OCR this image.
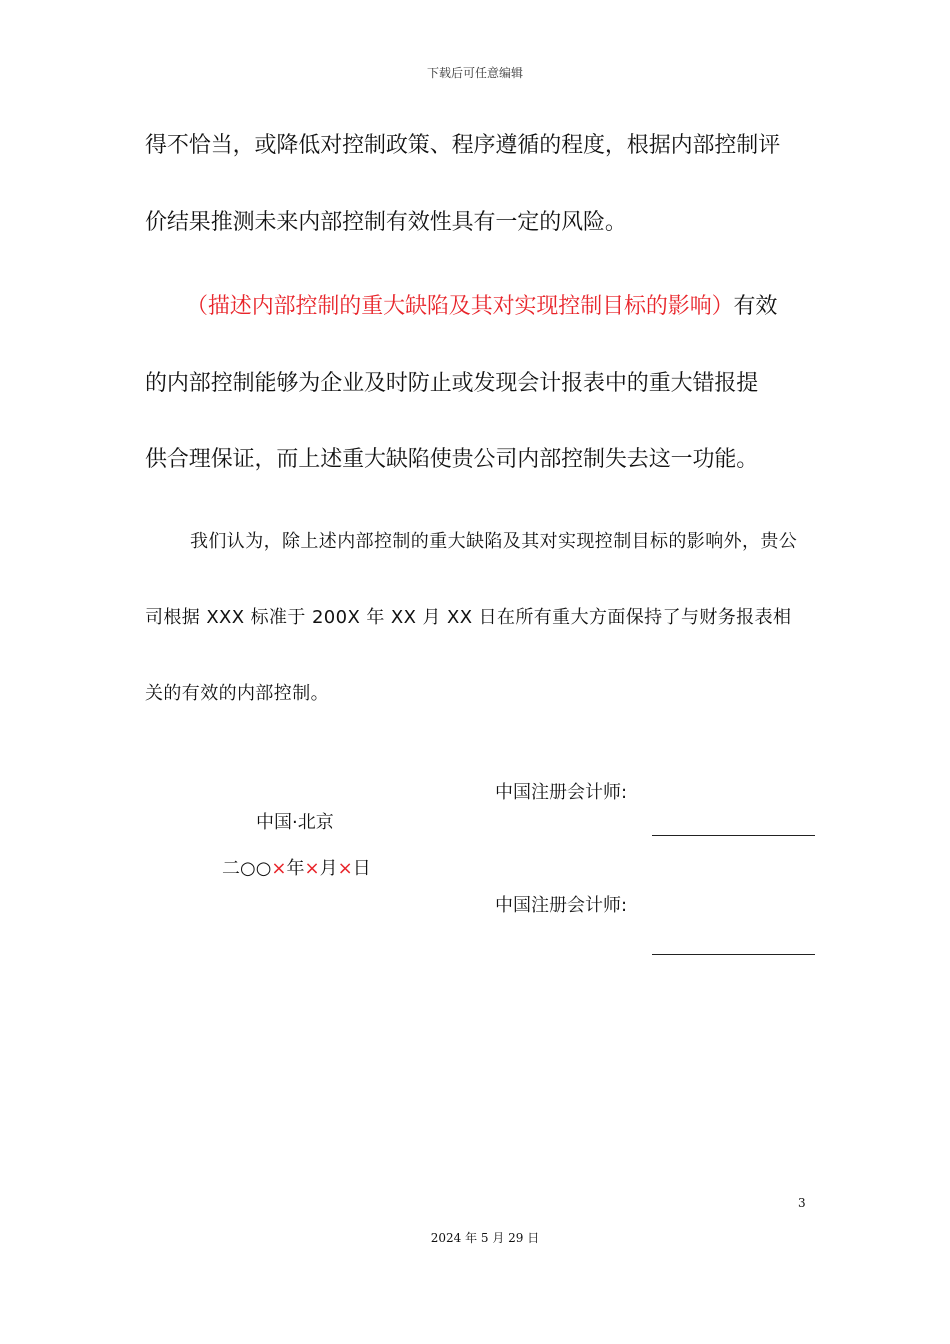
下载后可任意编辑
得不恰当，或降低对控制政策、程序遵循的程度，根据内部控制评
价结果推测未来内部控制有效性具有一定的风险。
（描述内部控制的重大缺陷及其对实现控制目标的影响）有效
的内部控制能够为企业及时防止或发现会计报表中的重大错报提
供合理保证，而上述重大缺陷使贵公司内部控制失去这一功能。
我们认为，除上述内部控制的重大缺陷及其对实现控制目标的影响外，贵公
司根据 XXX 标准于 200X 年 XX 月 XX 日在所有重大方面保持了与财务报表相
关的有效的内部控制。
中国注册会计师:
中国·北京
二○○×年×月×日
中国注册会计师:
3
2024 年 5 月 29 日
